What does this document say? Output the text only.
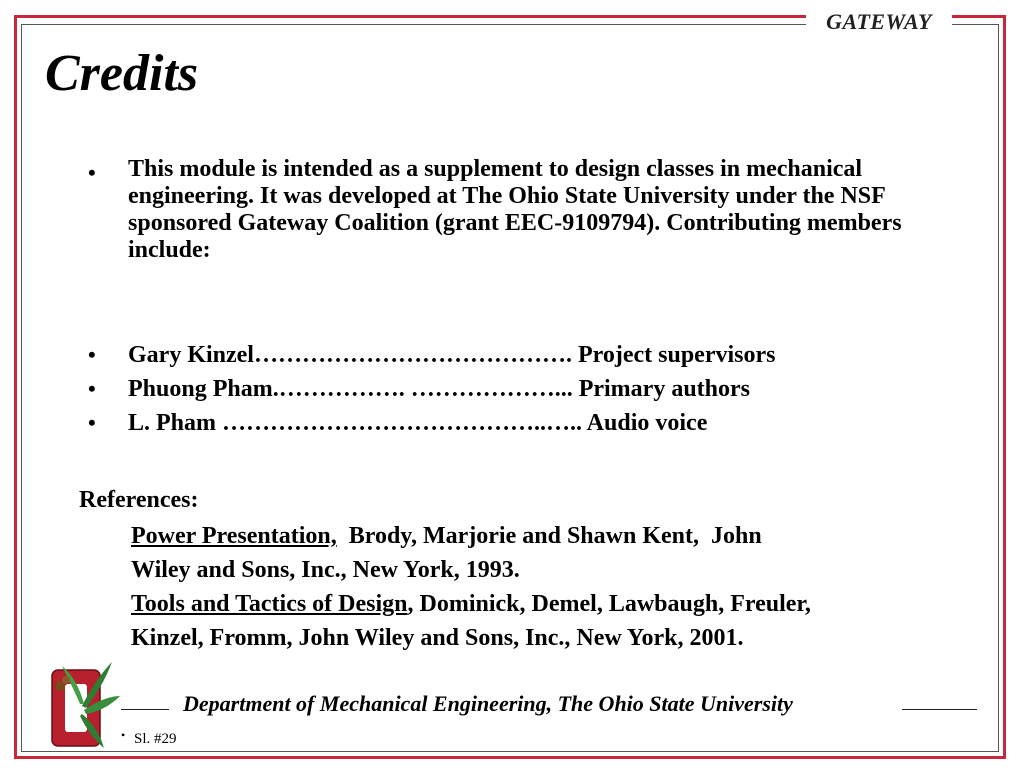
GATEWAY
Credits
• This module is intended as a supplement to design classes in mechanical engineering. It was developed at The Ohio State University under the NSF sponsored Gateway Coalition (grant EEC-9109794). Contributing members include:
• Gary Kinzel…………………………………. Project supervisors
• Phuong Pham.……………. ………………... Primary authors
• L. Pham …………………………………..….. Audio voice
References:
Power Presentation,  Brody, Marjorie and Shawn Kent,  John
Wiley and Sons, Inc., New York, 1993.
Tools and Tactics of Design, Dominick, Demel, Lawbaugh, Freuler,
Kinzel, Fromm, John Wiley and Sons, Inc., New York, 2001.
Department of Mechanical Engineering, The Ohio State University
• Sl. #29
